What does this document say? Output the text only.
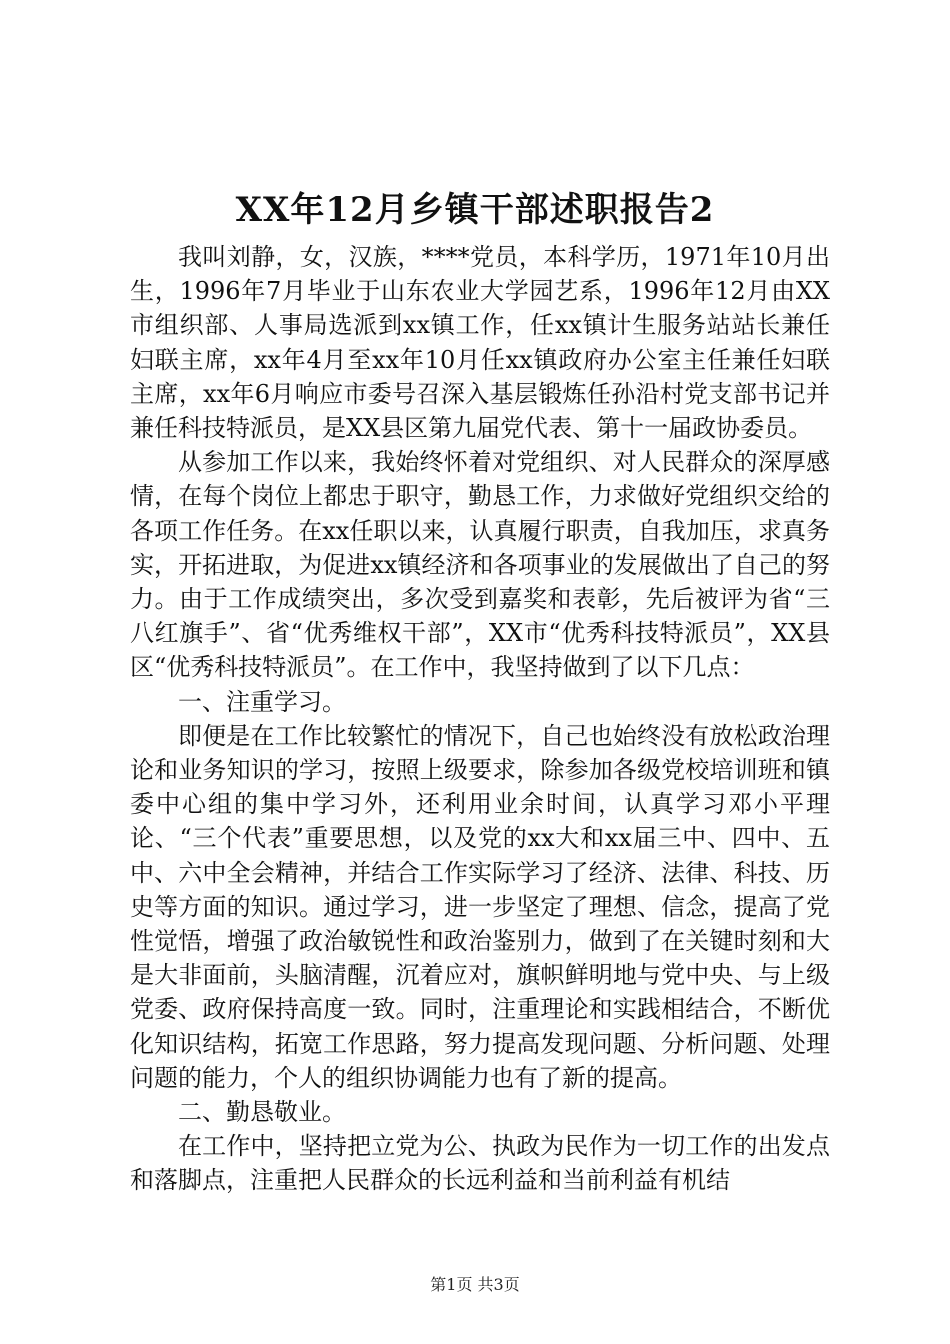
XX年12月乡镇干部述职报告2

我叫刘静，女，汉族，****党员，本科学历，1971年10月出生，1996年7月毕业于山东农业大学园艺系，1996年12月由XX市组织部、人事局选派到xx镇工作，任xx镇计生服务站站长兼任妇联主席，xx年4月至xx年10月任xx镇政府办公室主任兼任妇联主席，xx年6月响应市委号召深入基层锻炼任孙沿村党支部书记并兼任科技特派员，是XX县区第九届党代表、第十一届政协委员。

从参加工作以来，我始终怀着对党组织、对人民群众的深厚感情，在每个岗位上都忠于职守，勤恳工作，力求做好党组织交给的各项工作任务。在xx任职以来，认真履行职责，自我加压，求真务实，开拓进取，为促进xx镇经济和各项事业的发展做出了自己的努力。由于工作成绩突出，多次受到嘉奖和表彰，先后被评为省“三八红旗手”、省“优秀维权干部”，XX市“优秀科技特派员”，XX县区“优秀科技特派员”。在工作中，我坚持做到了以下几点：

一、注重学习。

即便是在工作比较繁忙的情况下，自己也始终没有放松政治理论和业务知识的学习，按照上级要求，除参加各级党校培训班和镇委中心组的集中学习外，还利用业余时间，认真学习邓小平理论、“三个代表”重要思想，以及党的xx大和xx届三中、四中、五中、六中全会精神，并结合工作实际学习了经济、法律、科技、历史等方面的知识。通过学习，进一步坚定了理想、信念，提高了党性觉悟，增强了政治敏锐性和政治鉴别力，做到了在关键时刻和大是大非面前，头脑清醒，沉着应对，旗帜鲜明地与党中央、与上级党委、政府保持高度一致。同时，注重理论和实践相结合，不断优化知识结构，拓宽工作思路，努力提高发现问题、分析问题、处理问题的能力，个人的组织协调能力也有了新的提高。

二、勤恳敬业。

在工作中，坚持把立党为公、执政为民作为一切工作的出发点和落脚点，注重把人民群众的长远利益和当前利益有机结

第1页 共3页
